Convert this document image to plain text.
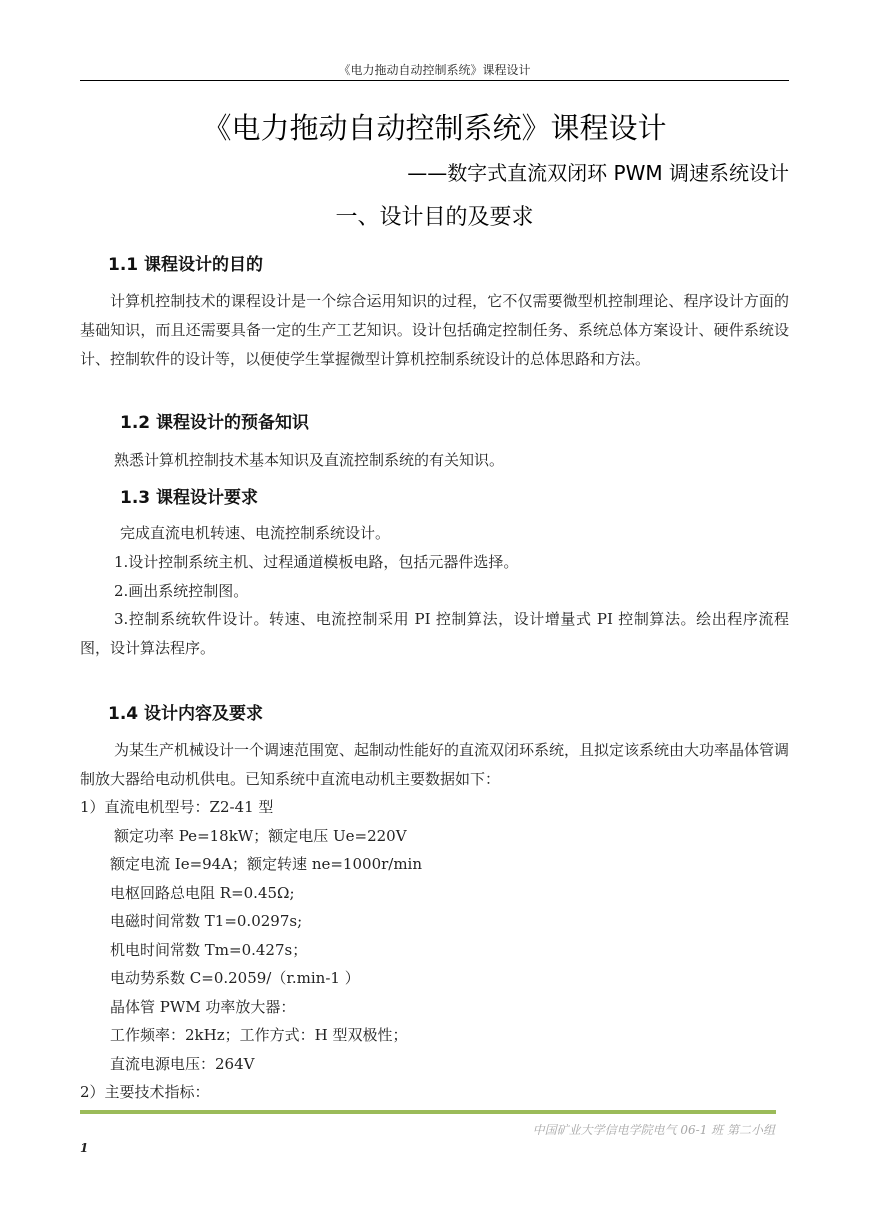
《电力拖动自动控制系统》课程设计
《电力拖动自动控制系统》课程设计
——数字式直流双闭环 PWM 调速系统设计
一、设计目的及要求
1.1 课程设计的目的

计算机控制技术的课程设计是一个综合运用知识的过程，它不仅需要微型机控制理论、程序设计方面的基础知识，而且还需要具备一定的生产工艺知识。设计包括确定控制任务、系统总体方案设计、硬件系统设计、控制软件的设计等，以便使学生掌握微型计算机控制系统设计的总体思路和方法。

1.2 课程设计的预备知识
熟悉计算机控制技术基本知识及直流控制系统的有关知识。
1.3 课程设计要求
完成直流电机转速、电流控制系统设计。
1.设计控制系统主机、过程通道模板电路，包括元器件选择。
2.画出系统控制图。

3.控制系统软件设计。转速、电流控制采用 PI 控制算法，设计增量式 PI 控制算法。绘出程序流程图，设计算法程序。

1.4 设计内容及要求

为某生产机械设计一个调速范围宽、起制动性能好的直流双闭环系统，且拟定该系统由大功率晶体管调制放大器给电动机供电。已知系统中直流电动机主要数据如下：

1）直流电机型号：Z2-41 型
额定功率 Pe=18kW；额定电压 Ue=220V
额定电流 Ie=94A；额定转速 ne=1000r/min
电枢回路总电阻 R=0.45Ω;
电磁时间常数 T1=0.0297s;
机电时间常数 Tm=0.427s；
电动势系数 C=0.2059/（r.min-1 ）
晶体管 PWM 功率放大器：
工作频率：2kHz；工作方式：H 型双极性；
直流电源电压：264V
2）主要技术指标：
中国矿业大学信电学院电气 06-1 班 第二小组
1
